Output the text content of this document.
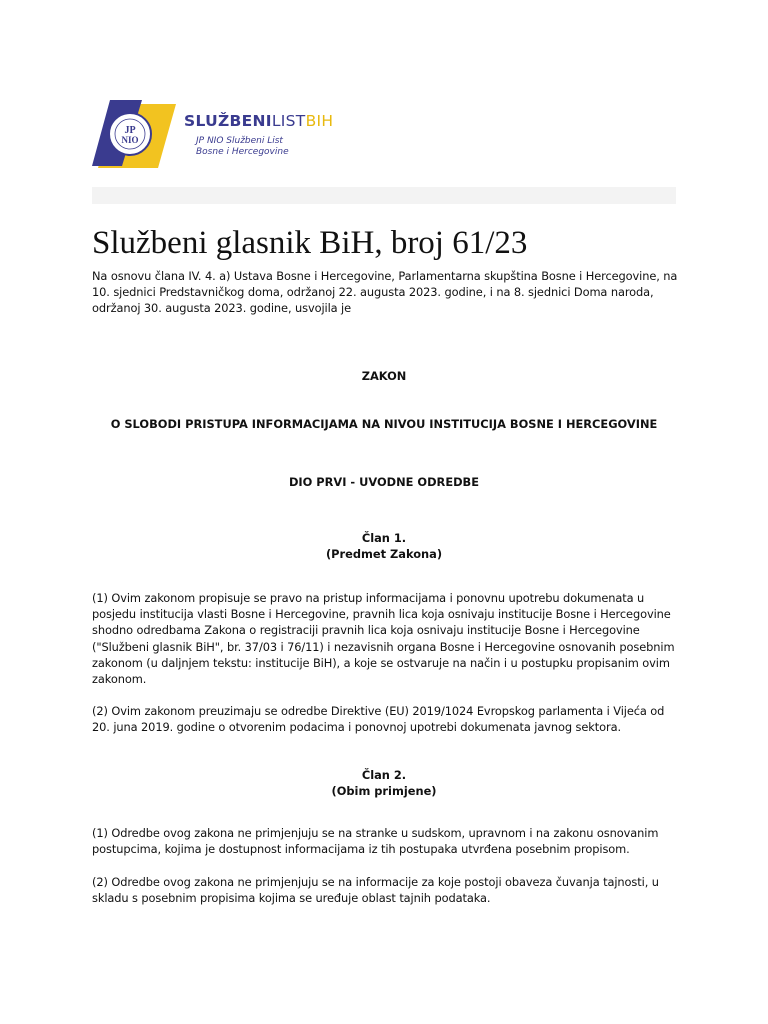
JP
NIO
SLUŽBENILISTBIH
JP NIO Službeni List
Bosne i Hercegovine
Službeni glasnik BiH, broj 61/23

Na osnovu člana IV. 4. a) Ustava Bosne i Hercegovine, Parlamentarna skupština Bosne i Hercegovine, na 10. sjednici Predstavničkog doma, održanoj 22. augusta 2023. godine, i na 8. sjednici Doma naroda, održanoj 30. augusta 2023. godine, usvojila je

ZAKON

O SLOBODI PRISTUPA INFORMACIJAMA NA NIVOU INSTITUCIJA BOSNE I HERCEGOVINE

DIO PRVI - UVODNE ODREDBE

Član 1.

(Predmet Zakona)

(1) Ovim zakonom propisuje se pravo na pristup informacijama i ponovnu upotrebu dokumenata u posjedu institucija vlasti Bosne i Hercegovine, pravnih lica koja osnivaju institucije Bosne i Hercegovine shodno odredbama Zakona o registraciji pravnih lica koja osnivaju institucije Bosne i Hercegovine ("Službeni glasnik BiH", br. 37/03 i 76/11) i nezavisnih organa Bosne i Hercegovine osnovanih posebnim zakonom (u daljnjem tekstu: institucije BiH), a koje se ostvaruje na način i u postupku propisanim ovim zakonom.

(2) Ovim zakonom preuzimaju se odredbe Direktive (EU) 2019/1024 Evropskog parlamenta i Vijeća od 20. juna 2019. godine o otvorenim podacima i ponovnoj upotrebi dokumenata javnog sektora.

Član 2.

(Obim primjene)

(1) Odredbe ovog zakona ne primjenjuju se na stranke u sudskom, upravnom i na zakonu osnovanim postupcima, kojima je dostupnost informacijama iz tih postupaka utvrđena posebnim propisom.

(2) Odredbe ovog zakona ne primjenjuju se na informacije za koje postoji obaveza čuvanja tajnosti, u skladu s posebnim propisima kojima se uređuje oblast tajnih podataka.
